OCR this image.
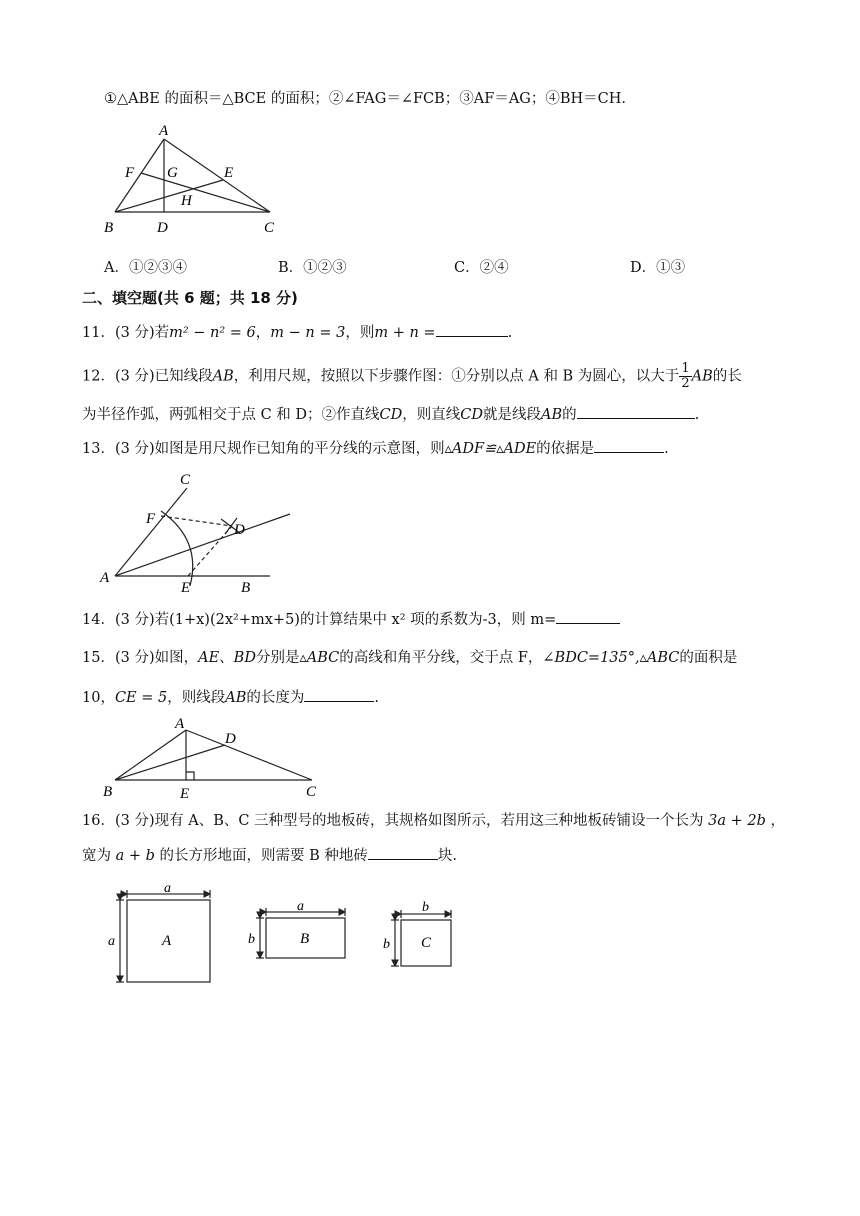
①△ABE 的面积＝△BCE 的面积；②∠FAG＝∠FCB；③AF＝AG；④BH＝CH.
A
F G	E
H
B	D	C
A．①②③④	B．①②③	C．②④	D．①③
二、填空题(共 6 题；共 18 分)
11．(3 分)若m² − n² = 6，m − n = 3，则m + n =	.
12．(3 分)已知线段AB，利用尺规，按照以下步骤作图：①分别以点 A 和 B 为圆心，以大于 $\frac{1}{2}$ AB的长
为半径作弧，两弧相交于点 C 和 D；②作直线CD，则直线CD就是线段AB的	.
13．(3 分)如图是用尺规作已知角的平分线的示意图，则▵ADF≌▵ADE的依据是	.
C
F
D
A
E	B
14．(3 分)若(1+x)(2x²+mx+5)的计算结果中 x² 项的系数为-3，则 m=
15．(3 分)如图，AE、BD分别是▵ABC的高线和角平分线，交于点 F，∠BDC=135°,▵ABC的面积是
10，CE = 5，则线段AB的长度为	.
A
D
B	E	C
16．(3 分)现有 A、B、C 三种型号的地板砖，其规格如图所示，若用这三种地板砖铺设一个长为 3a + 2b ，
宽为 a + b 的长方形地面，则需要 B 种地砖	块.
a
a	A
a
b	B
b
b C
